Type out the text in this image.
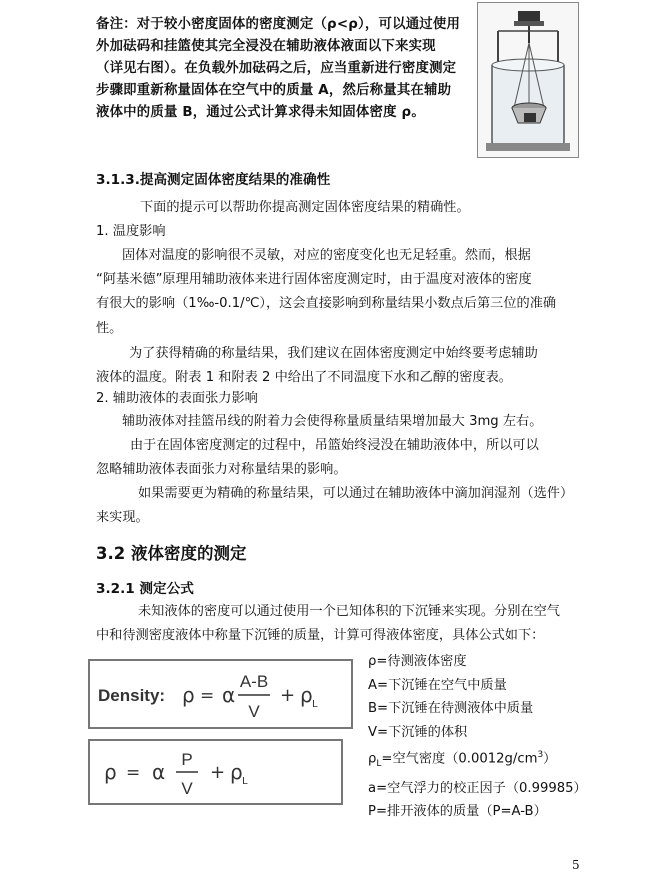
备注：对于较小密度固体的密度测定（ρ<ρ），可以通过使用
外加砝码和挂篮使其完全浸没在辅助液体液面以下来实现
（详见右图）。在负载外加砝码之后，应当重新进行密度测定
步骤即重新称量固体在空气中的质量 A，然后称量其在辅助
液体中的质量 B，通过公式计算求得未知固体密度 ρ。
3.1.3.提高测定固体密度结果的准确性
下面的提示可以帮助你提高测定固体密度结果的精确性。
1. 温度影响
固体对温度的影响很不灵敏，对应的密度变化也无足轻重。然而，根据
“阿基米德”原理用辅助液体来进行固体密度测定时，由于温度对液体的密度
有很大的影响（1‰-0.1/℃），这会直接影响到称量结果小数点后第三位的准确
性。
为了获得精确的称量结果，我们建议在固体密度测定中始终要考虑辅助
液体的温度。附表 1 和附表 2 中给出了不同温度下水和乙醇的密度表。
2. 辅助液体的表面张力影响
辅助液体对挂篮吊线的附着力会使得称量质量结果增加最大 3mg 左右。
由于在固体密度测定的过程中，吊篮始终浸没在辅助液体中，所以可以
忽略辅助液体表面张力对称量结果的影响。
如果需要更为精确的称量结果，可以通过在辅助液体中滴加润湿剂（选件）
来实现。
3.2 液体密度的测定
3.2.1 测定公式
未知液体的密度可以通过使用一个已知体积的下沉锤来实现。分别在空气
中和待测密度液体中称量下沉锤的质量，计算可得液体密度，具体公式如下：
Density: ρ = α
A-B
V
+ ρ L
ρ = α
P
V
+ ρ L
ρ=待测液体密度
A=下沉锤在空气中质量
B=下沉锤在待测液体中质量
V=下沉锤的体积
$\rho_L=$空气密度$(0.0012g/cm^3)$
a=空气浮力的校正因子（0.99985）
P=排开液体的质量（P=A-B）
5
